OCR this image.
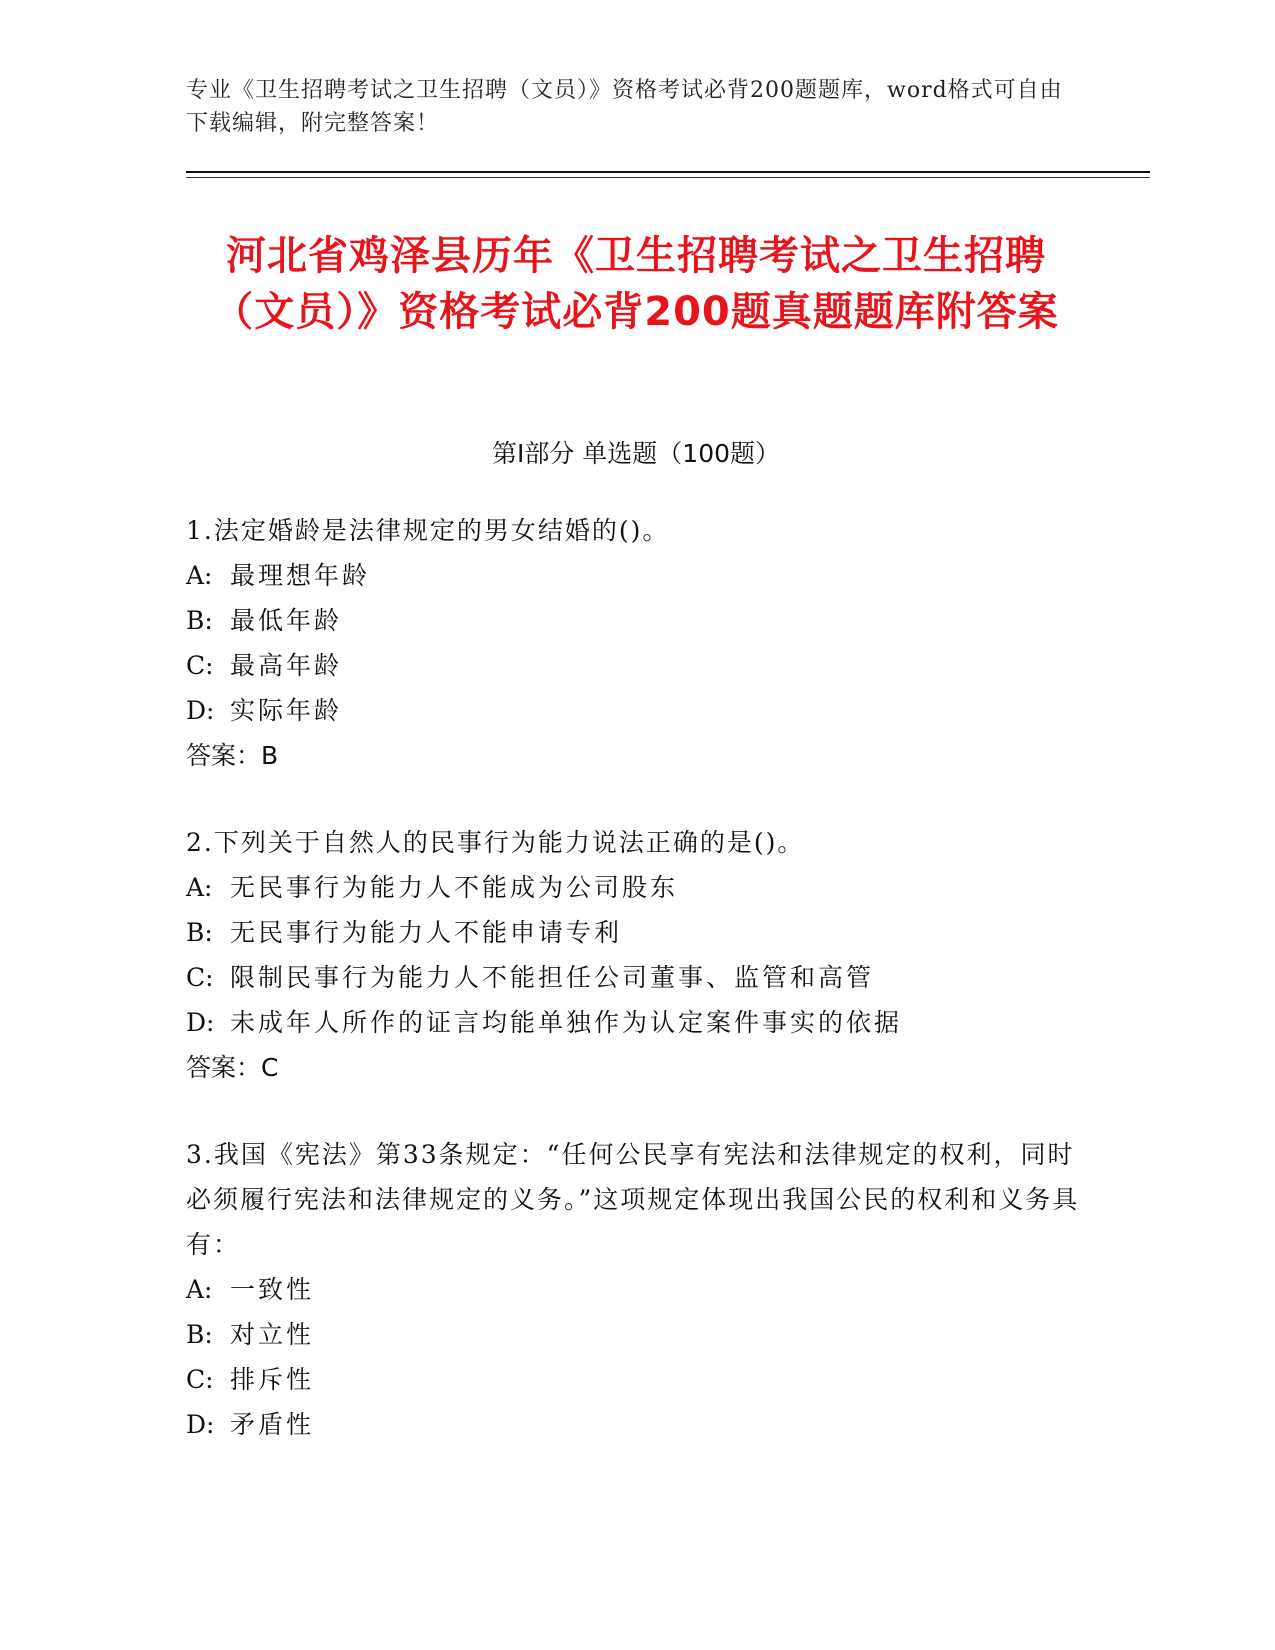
专业《卫生招聘考试之卫生招聘（文员）》资格考试必背200题题库，word格式可自由下载编辑，附完整答案！
河北省鸡泽县历年《卫生招聘考试之卫生招聘（文员）》资格考试必背200题真题题库附答案
第Ⅰ部分 单选题（100题）

1.法定婚龄是法律规定的男女结婚的()。

A: 最理想年龄

B: 最低年龄

C: 最高年龄

D: 实际年龄

答案：B

2.下列关于自然人的民事行为能力说法正确的是()。

A: 无民事行为能力人不能成为公司股东

B: 无民事行为能力人不能申请专利

C: 限制民事行为能力人不能担任公司董事、监管和高管

D: 未成年人所作的证言均能单独作为认定案件事实的依据

答案：C

3.我国《宪法》第33条规定：“任何公民享有宪法和法律规定的权利，同时必须履行宪法和法律规定的义务。”这项规定体现出我国公民的权利和义务具有：

A: 一致性

B: 对立性

C: 排斥性

D: 矛盾性
